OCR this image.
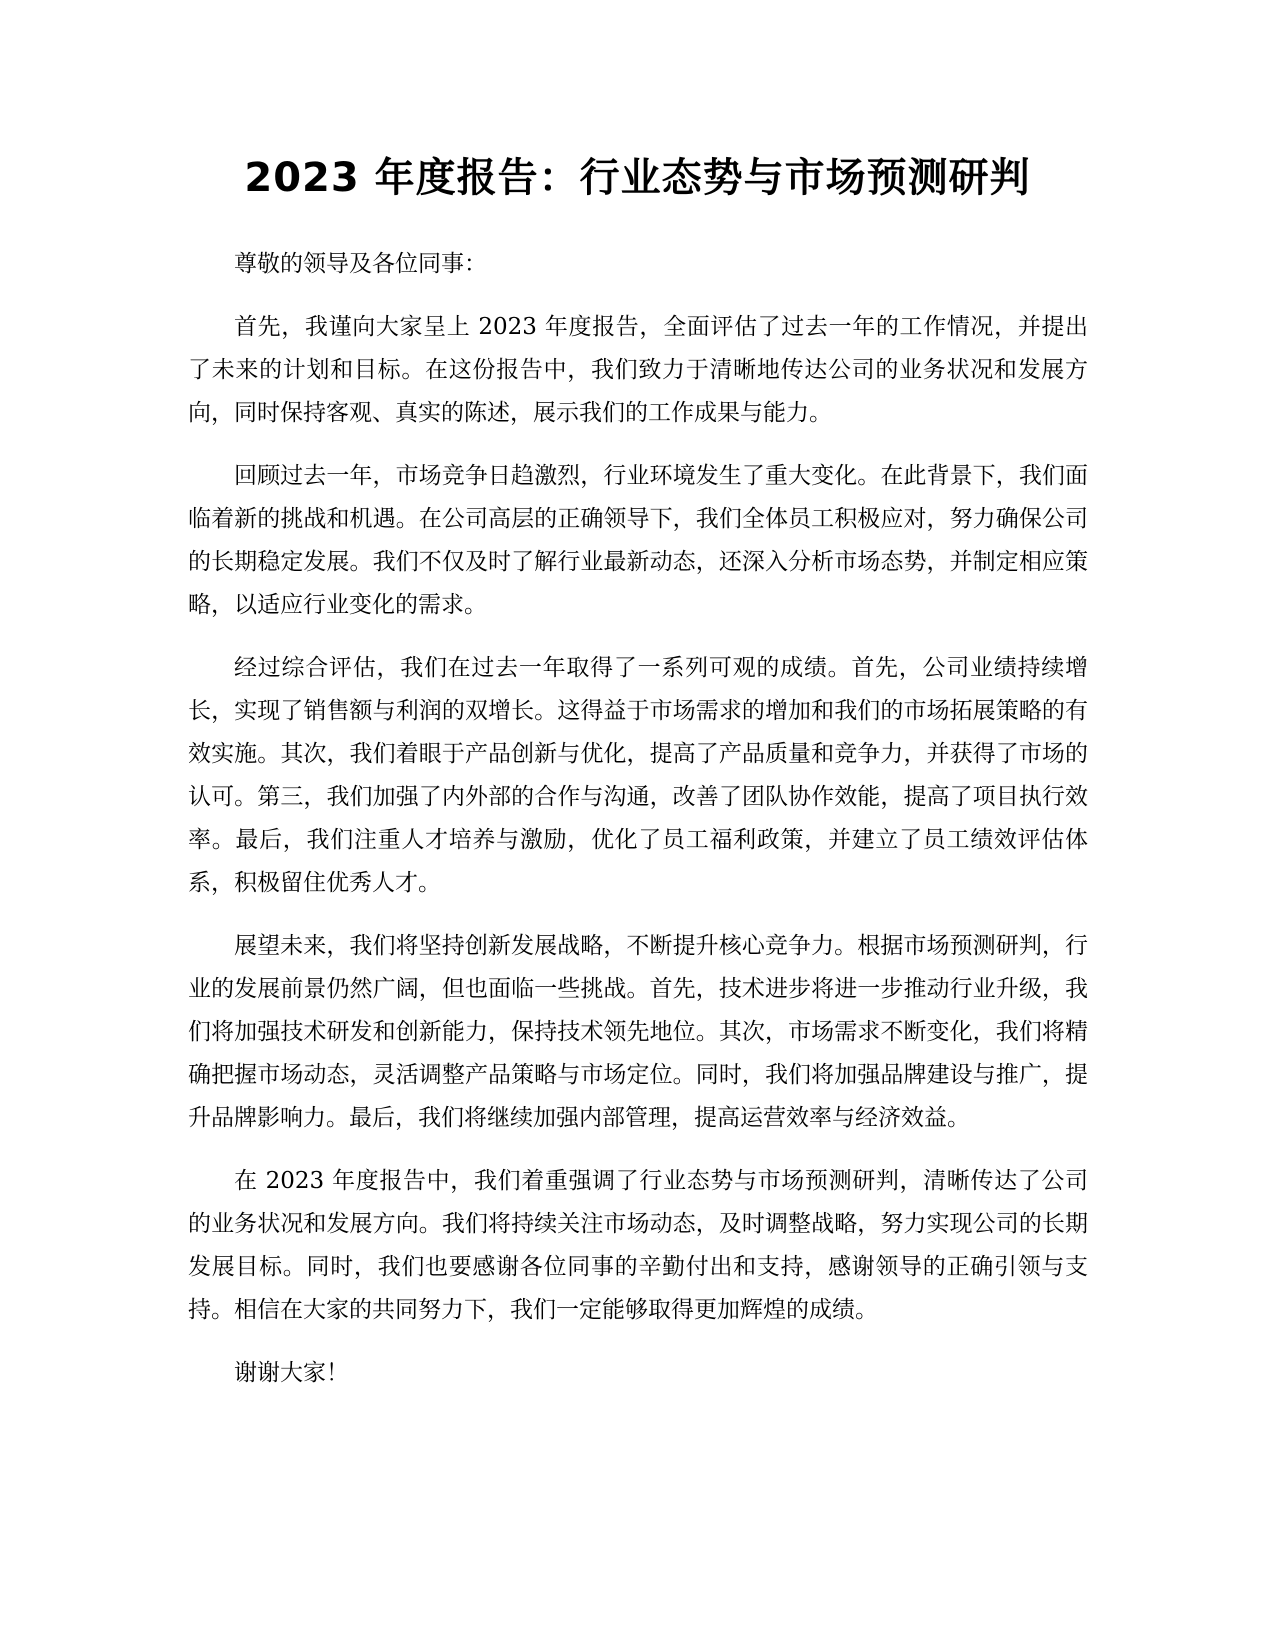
2023 年度报告：行业态势与市场预测研判

尊敬的领导及各位同事：

首先，我谨向大家呈上 2023 年度报告，全面评估了过去一年的工作情况，并提出了未来的计划和目标。在这份报告中，我们致力于清晰地传达公司的业务状况和发展方向，同时保持客观、真实的陈述，展示我们的工作成果与能力。

回顾过去一年，市场竞争日趋激烈，行业环境发生了重大变化。在此背景下，我们面临着新的挑战和机遇。在公司高层的正确领导下，我们全体员工积极应对，努力确保公司的长期稳定发展。我们不仅及时了解行业最新动态，还深入分析市场态势，并制定相应策略，以适应行业变化的需求。

经过综合评估，我们在过去一年取得了一系列可观的成绩。首先，公司业绩持续增长，实现了销售额与利润的双增长。这得益于市场需求的增加和我们的市场拓展策略的有效实施。其次，我们着眼于产品创新与优化，提高了产品质量和竞争力，并获得了市场的认可。第三，我们加强了内外部的合作与沟通，改善了团队协作效能，提高了项目执行效率。最后，我们注重人才培养与激励，优化了员工福利政策，并建立了员工绩效评估体系，积极留住优秀人才。

展望未来，我们将坚持创新发展战略，不断提升核心竞争力。根据市场预测研判，行业的发展前景仍然广阔，但也面临一些挑战。首先，技术进步将进一步推动行业升级，我们将加强技术研发和创新能力，保持技术领先地位。其次，市场需求不断变化，我们将精确把握市场动态，灵活调整产品策略与市场定位。同时，我们将加强品牌建设与推广，提升品牌影响力。最后，我们将继续加强内部管理，提高运营效率与经济效益。

在 2023 年度报告中，我们着重强调了行业态势与市场预测研判，清晰传达了公司的业务状况和发展方向。我们将持续关注市场动态，及时调整战略，努力实现公司的长期发展目标。同时，我们也要感谢各位同事的辛勤付出和支持，感谢领导的正确引领与支持。相信在大家的共同努力下，我们一定能够取得更加辉煌的成绩。

谢谢大家！
